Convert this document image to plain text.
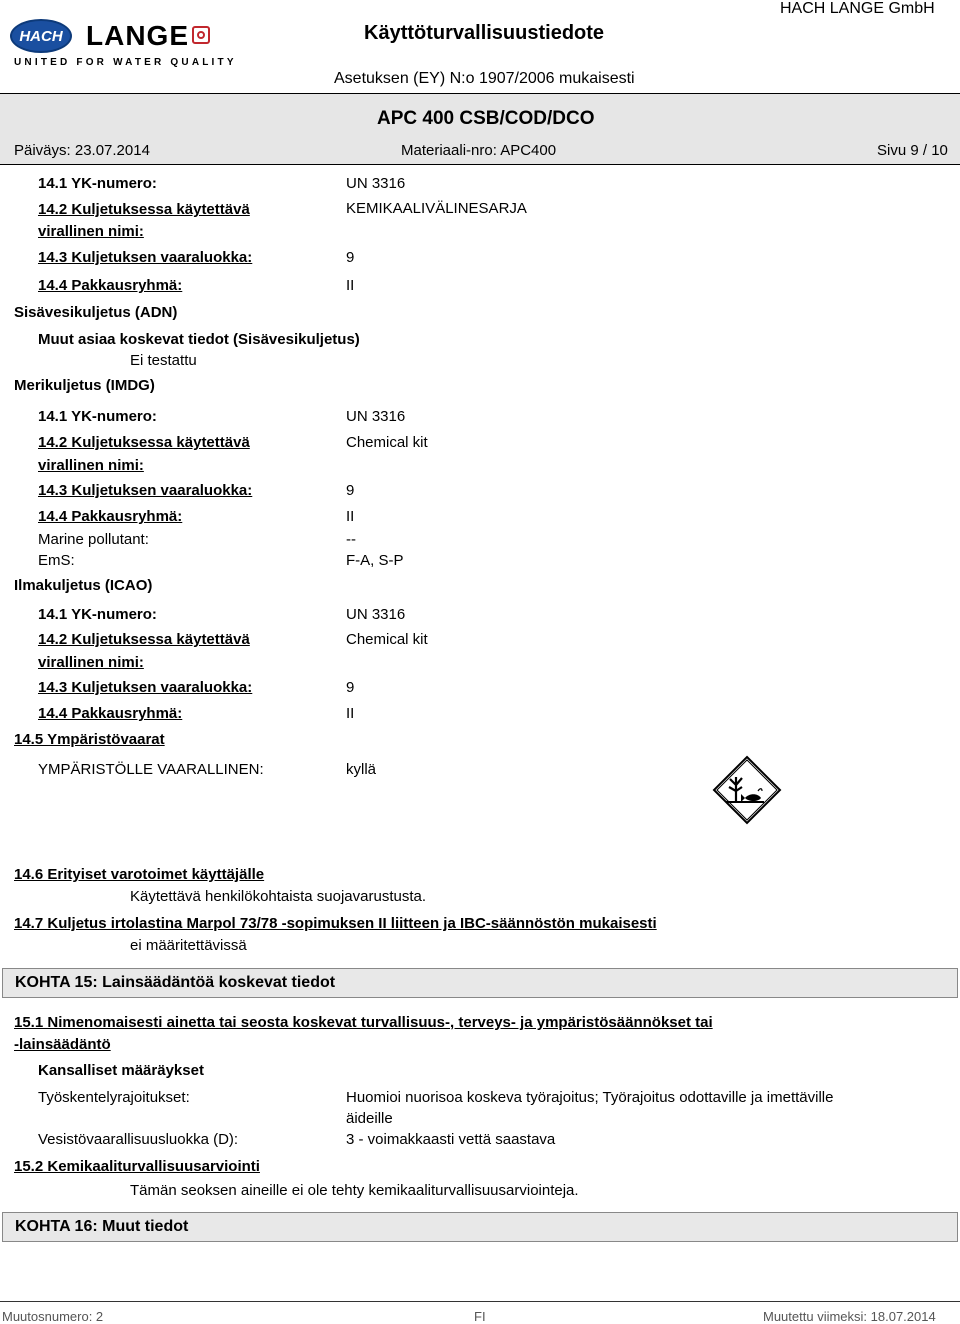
HACH LANGE
UNITED FOR WATER QUALITY
Käyttöturvallisuustiedote
HACH LANGE GmbH
Asetuksen (EY) N:o 1907/2006 mukaisesti
APC 400 CSB/COD/DCO
Päiväys: 23.07.2014	Materiaali-nro: APC400	Sivu 9 / 10
14.1 YK-numero:	UN 3316
14.2 Kuljetuksessa käytettävä
virallinen nimi:
KEMIKAALIVÄLINESARJA
14.3 Kuljetuksen vaaraluokka:	9
14.4 Pakkausryhmä:	II
Sisävesikuljetus (ADN)
Muut asiaa koskevat tiedot (Sisävesikuljetus)
Ei testattu
Merikuljetus (IMDG)
14.1 YK-numero:	UN 3316
14.2 Kuljetuksessa käytettävä
virallinen nimi:
Chemical kit
14.3 Kuljetuksen vaaraluokka:	9
14.4 Pakkausryhmä:	II
Marine pollutant:	--
EmS:	F-A, S-P
Ilmakuljetus (ICAO)
14.1 YK-numero:	UN 3316
14.2 Kuljetuksessa käytettävä
virallinen nimi:
Chemical kit
14.3 Kuljetuksen vaaraluokka:	9
14.4 Pakkausryhmä:	II
14.5 Ympäristövaarat
YMPÄRISTÖLLE VAARALLINEN:	kyllä
14.6 Erityiset varotoimet käyttäjälle
Käytettävä henkilökohtaista suojavarustusta.
14.7 Kuljetus irtolastina Marpol 73/78 -sopimuksen II liitteen ja IBC-säännöstön mukaisesti
ei määritettävissä
KOHTA 15: Lainsäädäntöä koskevat tiedot
15.1 Nimenomaisesti ainetta tai seosta koskevat turvallisuus-, terveys- ja ympäristösäännökset tai
-lainsäädäntö
Kansalliset määräykset
Työskentelyrajoitukset:	Huomioi nuorisoa koskeva työrajoitus; Työrajoitus odottaville ja imettäville
äideille
Vesistövaarallisuusluokka (D):	3 - voimakkaasti vettä saastava
15.2 Kemikaaliturvallisuusarviointi
Tämän seoksen aineille ei ole tehty kemikaaliturvallisuusarviointeja.
KOHTA 16: Muut tiedot
Muutosnumero: 2	FI	Muutettu viimeksi: 18.07.2014
